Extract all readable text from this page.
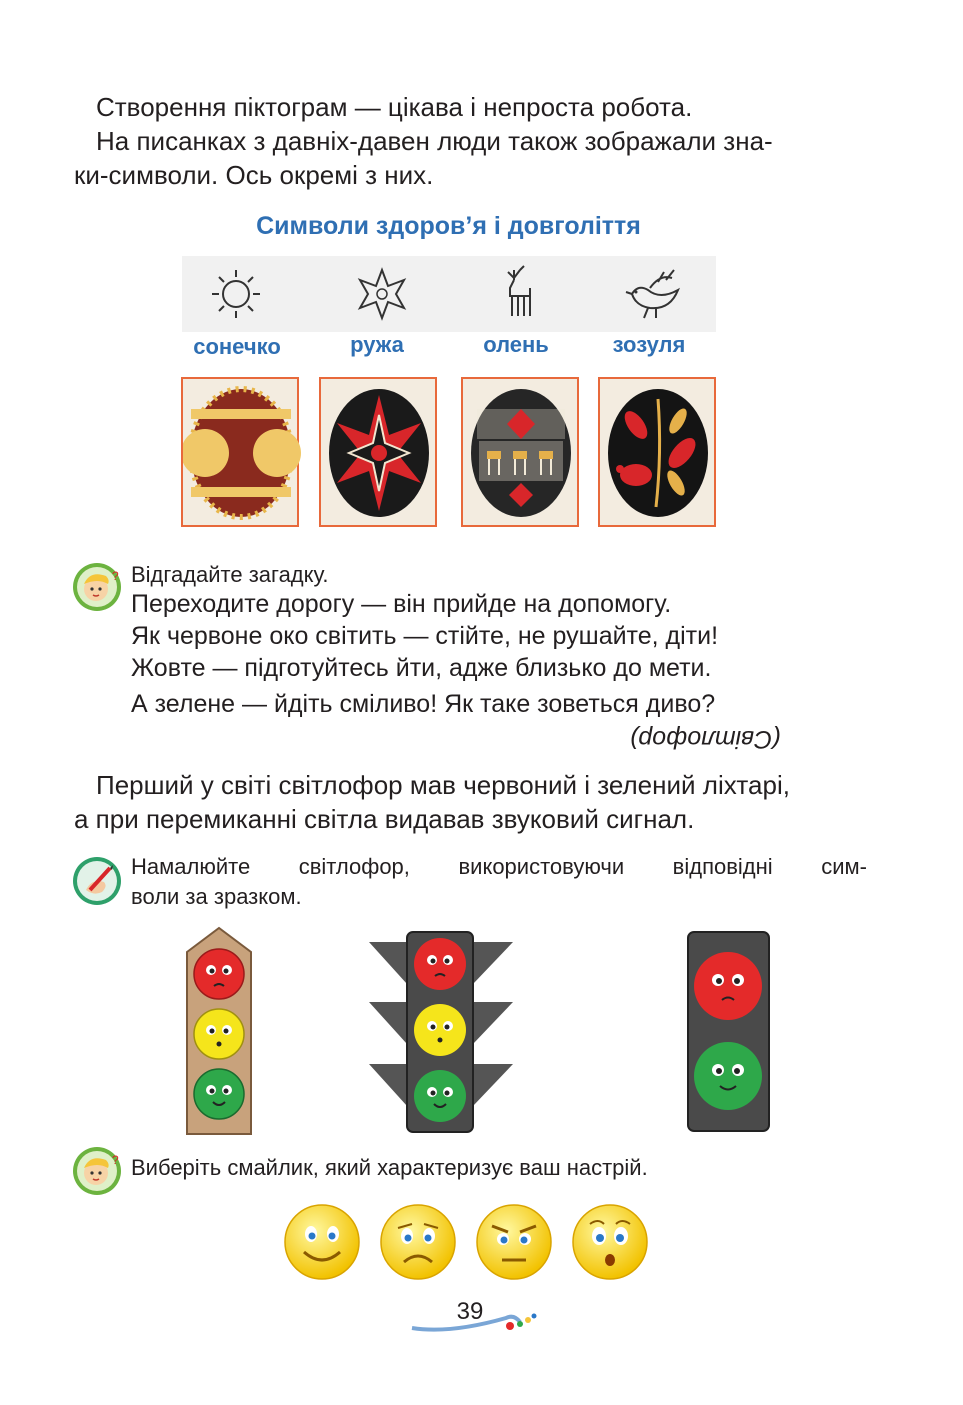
Створення піктограм — цікава і непроста робота.

На писанках з давніх-давен люди також зображали зна-

ки-символи. Ось окремі з них.

Символи здоров’я і довголіття
сонечко	ружа	олень	зозуля
? Відгадайте загадку.
Переходите дорогу — він прийде на допомогу.
Як червоне око світить — стійте, не рушайте, діти!
Жовте — підготуйтесь йти, адже близько до мети.
А зелене — йдіть сміливо! Як таке зоветься диво?
(Світлофор)

Перший у світі світлофор мав червоний і зелений ліхтарі,

а при перемиканні світла видавав звуковий сигнал.

Намалюйте світлофор, використовуючи відповідні сим-
воли за зразком.
? Виберіть смайлик, який характеризує ваш настрій.
39
